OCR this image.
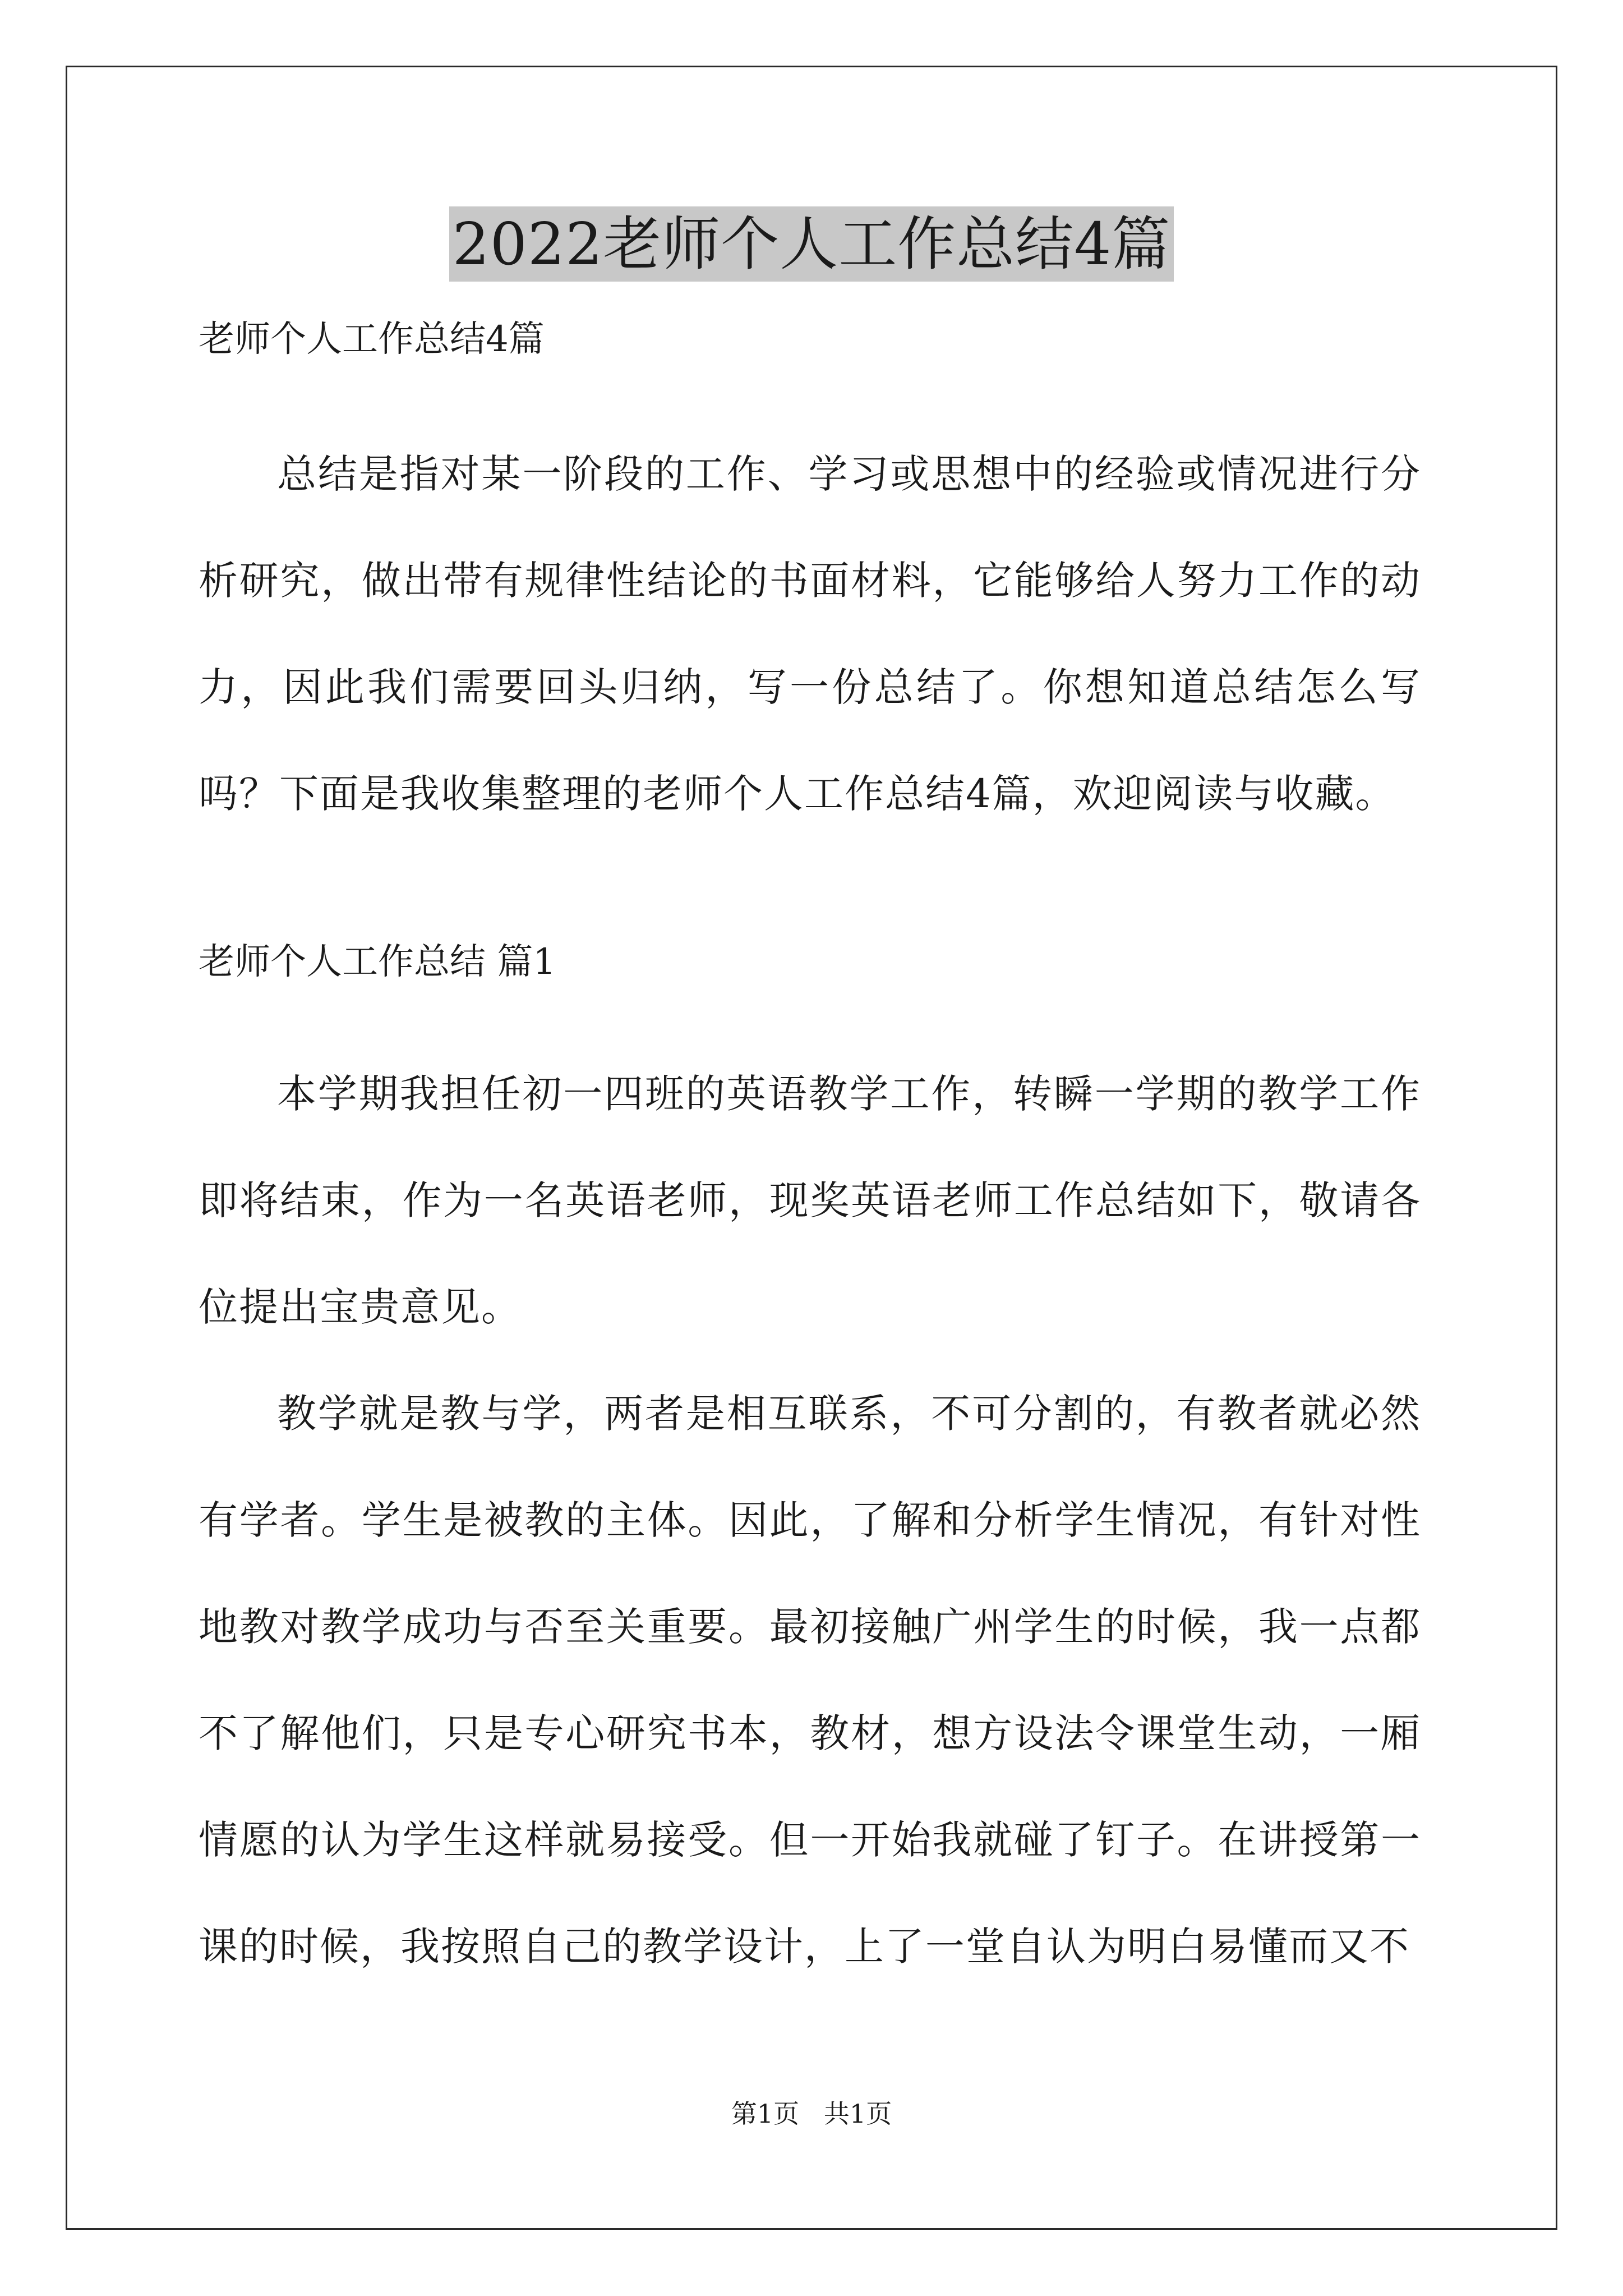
2022老师个人工作总结4篇

老师个人工作总结4篇

总结是指对某一阶段的工作、学习或思想中的经验或情况进行分析研究，做出带有规律性结论的书面材料，它能够给人努力工作的动力，因此我们需要回头归纳，写一份总结了。你想知道总结怎么写吗？下面是我收集整理的老师个人工作总结4篇，欢迎阅读与收藏。

老师个人工作总结 篇1

本学期我担任初一四班的英语教学工作，转瞬一学期的教学工作即将结束，作为一名英语老师，现奖英语老师工作总结如下，敬请各位提出宝贵意见。

教学就是教与学，两者是相互联系，不可分割的，有教者就必然有学者。学生是被教的主体。因此，了解和分析学生情况，有针对性地教对教学成功与否至关重要。最初接触广州学生的时候，我一点都不了解他们，只是专心研究书本，教材，想方设法令课堂生动，一厢情愿的认为学生这样就易接受。但一开始我就碰了钉子。在讲授第一课的时候，我按照自己的教学设计，上了一堂自认为明白易懂而又不

第1页   共1页
